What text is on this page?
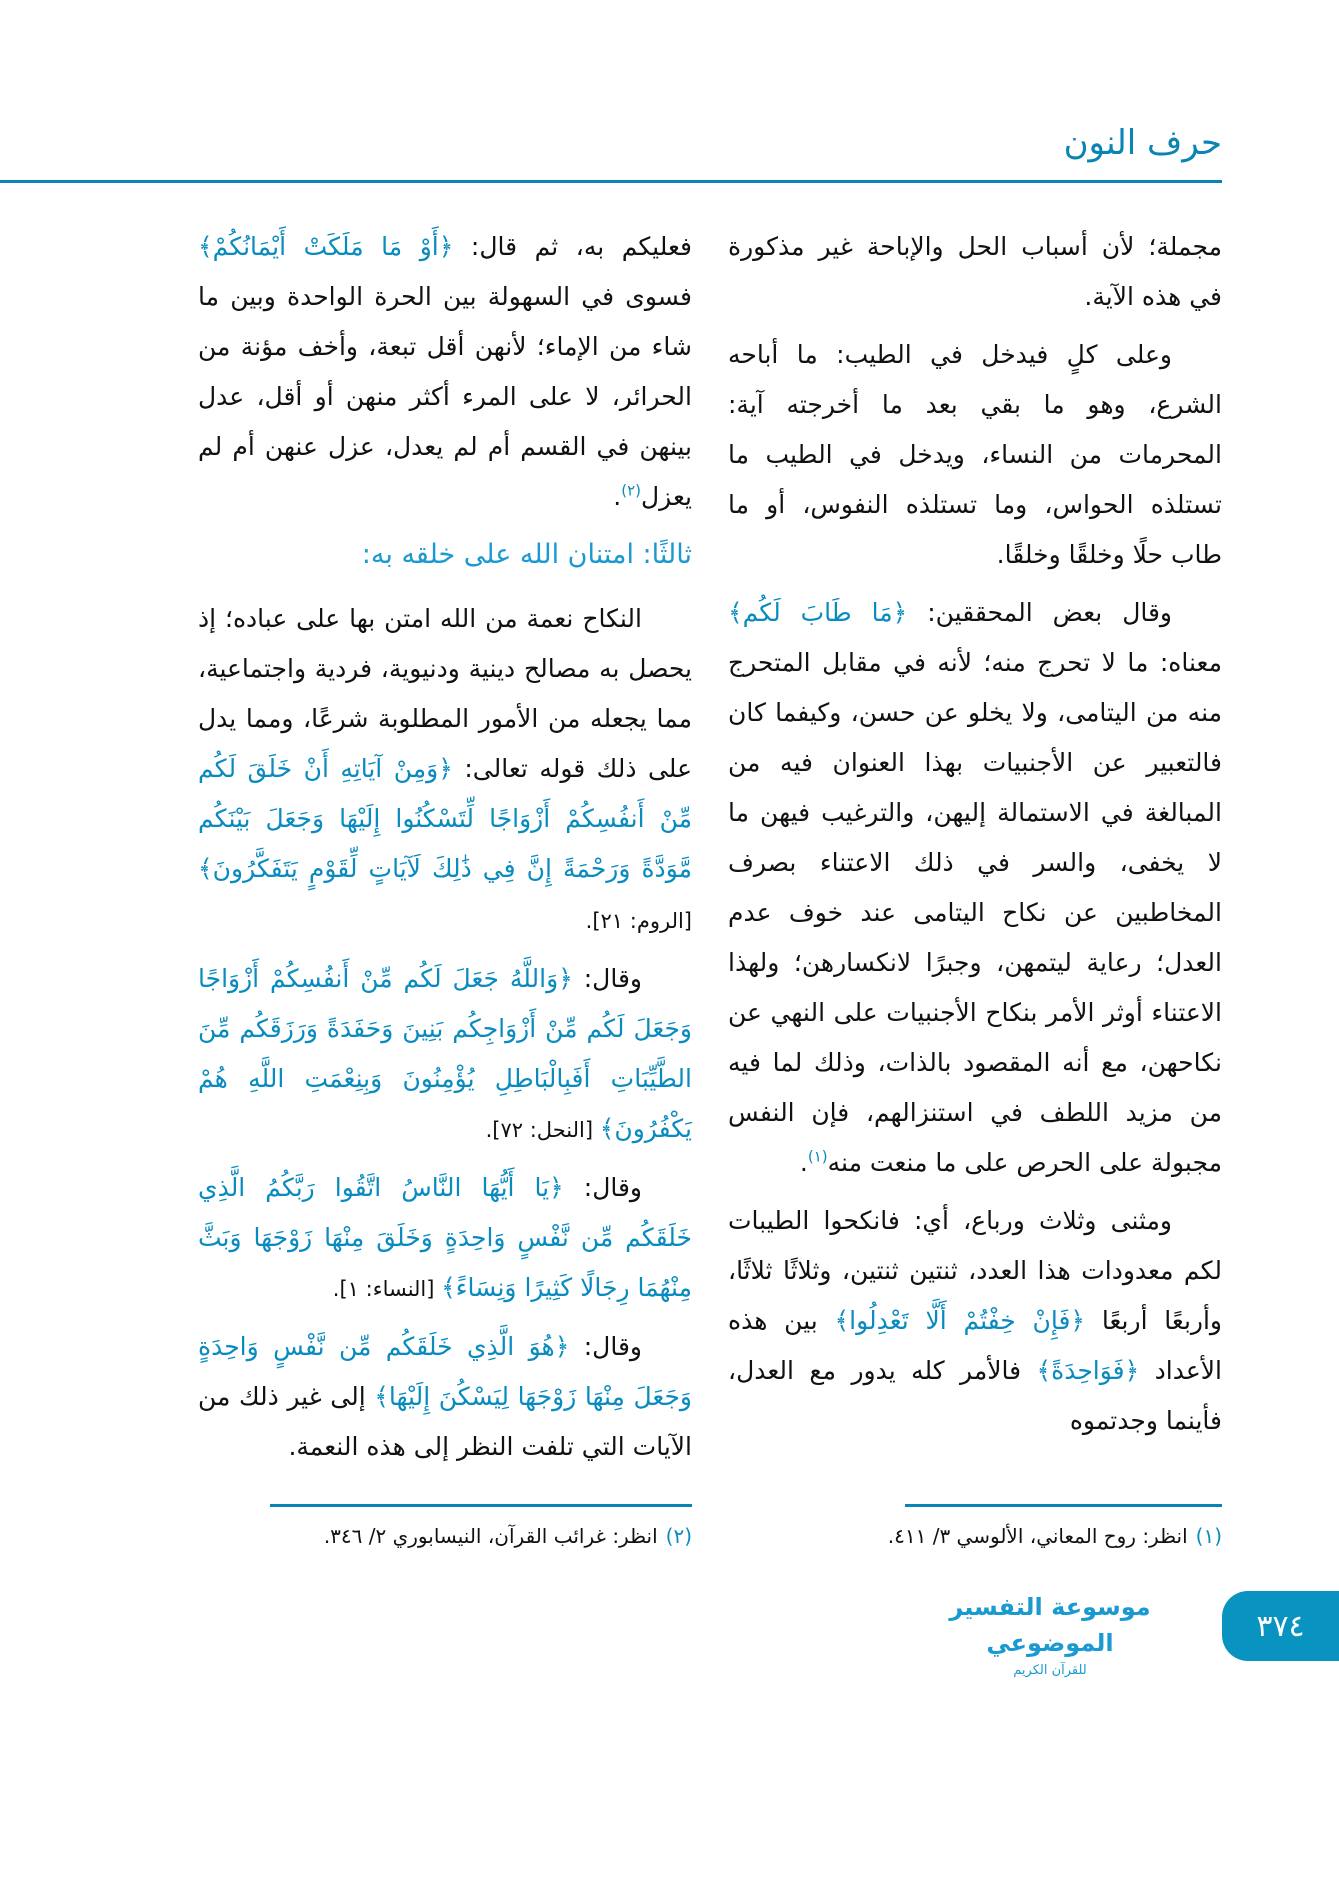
حرف النون

مجملة؛ لأن أسباب الحل والإباحة غير مذكورة في هذه الآية.

وعلى كلٍ فيدخل في الطيب: ما أباحه الشرع، وهو ما بقي بعد ما أخرجته آية: المحرمات من النساء، ويدخل في الطيب ما تستلذه الحواس، وما تستلذه النفوس، أو ما طاب حلًا وخلقًا وخلقًا.

وقال بعض المحققين: ﴿مَا طَابَ لَكُم﴾ معناه: ما لا تحرج منه؛ لأنه في مقابل المتحرج منه من اليتامى، ولا يخلو عن حسن، وكيفما كان فالتعبير عن الأجنبيات بهذا العنوان فيه من المبالغة في الاستمالة إليهن، والترغيب فيهن ما لا يخفى، والسر في ذلك الاعتناء بصرف المخاطبين عن نكاح اليتامى عند خوف عدم العدل؛ رعاية ليتمهن، وجبرًا لانكسارهن؛ ولهذا الاعتناء أوثر الأمر بنكاح الأجنبيات على النهي عن نكاحهن، مع أنه المقصود بالذات، وذلك لما فيه من مزيد اللطف في استنزالهم، فإن النفس مجبولة على الحرص على ما منعت منه$^{(١)}$.

ومثنى وثلاث ورباع، أي: فانكحوا الطيبات لكم معدودات هذا العدد، ثنتين ثنتين، وثلاثًا ثلاثًا، وأربعًا أربعًا ﴿فَإِنْ خِفْتُمْ أَلَّا تَعْدِلُوا﴾ بين هذه الأعداد ﴿فَوَاحِدَةً﴾ فالأمر كله يدور مع العدل، فأينما وجدتموه

فعليكم به، ثم قال: ﴿أَوْ مَا مَلَكَتْ أَيْمَانُكُمْ﴾ فسوى في السهولة بين الحرة الواحدة وبين ما شاء من الإماء؛ لأنهن أقل تبعة، وأخف مؤنة من الحرائر، لا على المرء أكثر منهن أو أقل، عدل بينهن في القسم أم لم يعدل، عزل عنهن أم لم يعزل$^{(٢)}$.

ثالثًا: امتنان الله على خلقه به:

النكاح نعمة من الله امتن بها على عباده؛ إذ يحصل به مصالح دينية ودنيوية، فردية واجتماعية، مما يجعله من الأمور المطلوبة شرعًا، ومما يدل على ذلك قوله تعالى: ﴿وَمِنْ آيَاتِهِ أَنْ خَلَقَ لَكُم مِّنْ أَنفُسِكُمْ أَزْوَاجًا لِّتَسْكُنُوا إِلَيْهَا وَجَعَلَ بَيْنَكُم مَّوَدَّةً وَرَحْمَةً إِنَّ فِي ذَٰلِكَ لَآيَاتٍ لِّقَوْمٍ يَتَفَكَّرُونَ﴾ [الروم: ٢١].

وقال: ﴿وَاللَّهُ جَعَلَ لَكُم مِّنْ أَنفُسِكُمْ أَزْوَاجًا وَجَعَلَ لَكُم مِّنْ أَزْوَاجِكُم بَنِينَ وَحَفَدَةً وَرَزَقَكُم مِّنَ الطَّيِّبَاتِ أَفَبِالْبَاطِلِ يُؤْمِنُونَ وَبِنِعْمَتِ اللَّهِ هُمْ يَكْفُرُونَ﴾ [النحل: ٧٢].

وقال: ﴿يَا أَيُّهَا النَّاسُ اتَّقُوا رَبَّكُمُ الَّذِي خَلَقَكُم مِّن نَّفْسٍ وَاحِدَةٍ وَخَلَقَ مِنْهَا زَوْجَهَا وَبَثَّ مِنْهُمَا رِجَالًا كَثِيرًا وَنِسَاءً﴾ [النساء: ١].

وقال: ﴿هُوَ الَّذِي خَلَقَكُم مِّن نَّفْسٍ وَاحِدَةٍ وَجَعَلَ مِنْهَا زَوْجَهَا لِيَسْكُنَ إِلَيْهَا﴾ إلى غير ذلك من الآيات التي تلفت النظر إلى هذه النعمة.

(١)انظر: روح المعاني، الألوسي ٣/ ٤١١.
(٢)انظر: غرائب القرآن، النيسابوري ٢/ ٣٤٦.
موسوعة التفسير الموضوعي
للقرآن الكريم
٣٧٤
